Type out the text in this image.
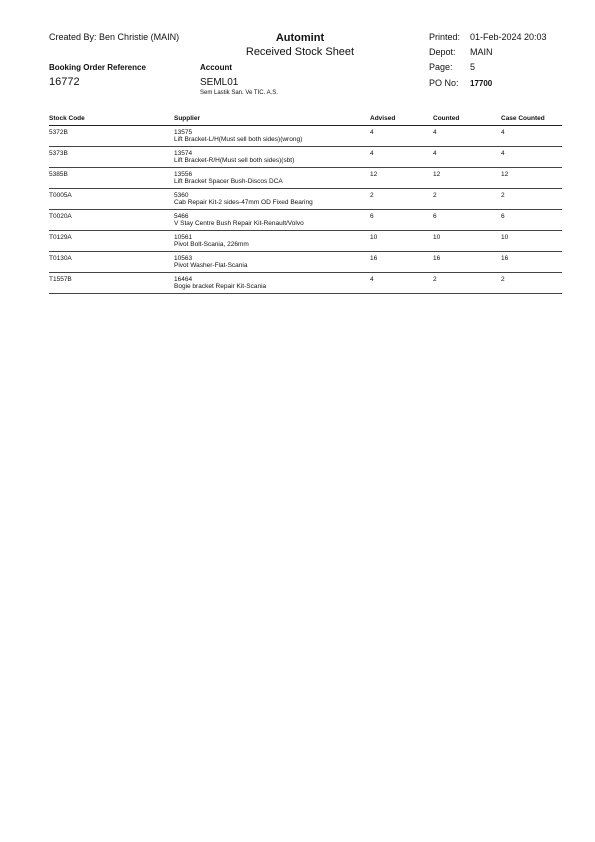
Created By: Ben Christie (MAIN)	Automint
Received Stock Sheet
Printed: 01-Feb-2024 20:03
Depot: MAIN
Page: 5
PO No: 17700
Booking Order Reference
16772
Account
SEML01
Sem Lastik San. Ve TIC. A.S.
Stock Code	Supplier	Advised	Counted	Case Counted
5372B	13575
Lift Bracket-L/H(Must sell both sides)(wrong)	4	4	4
5373B	13574
Lift Bracket-R/H(Must sell both sides)(sbt)	4	4	4
5385B	13556
Lift Bracket Spacer Bush-Discos DCA	12	12	12
T0005A	5360
Cab Repair Kit-2 sides-47mm OD Fixed Bearing	2	2	2
T0020A	5466
V Stay Centre Bush Repair Kit-Renault/Volvo	6	6	6
T0129A	10561
Pivot Bolt-Scania, 226mm	10	10	10
T0130A	10563
Pivot Washer-Flat-Scania	16	16	16
T1557B	16464
Bogie bracket Repair Kit-Scania	4	2	2
